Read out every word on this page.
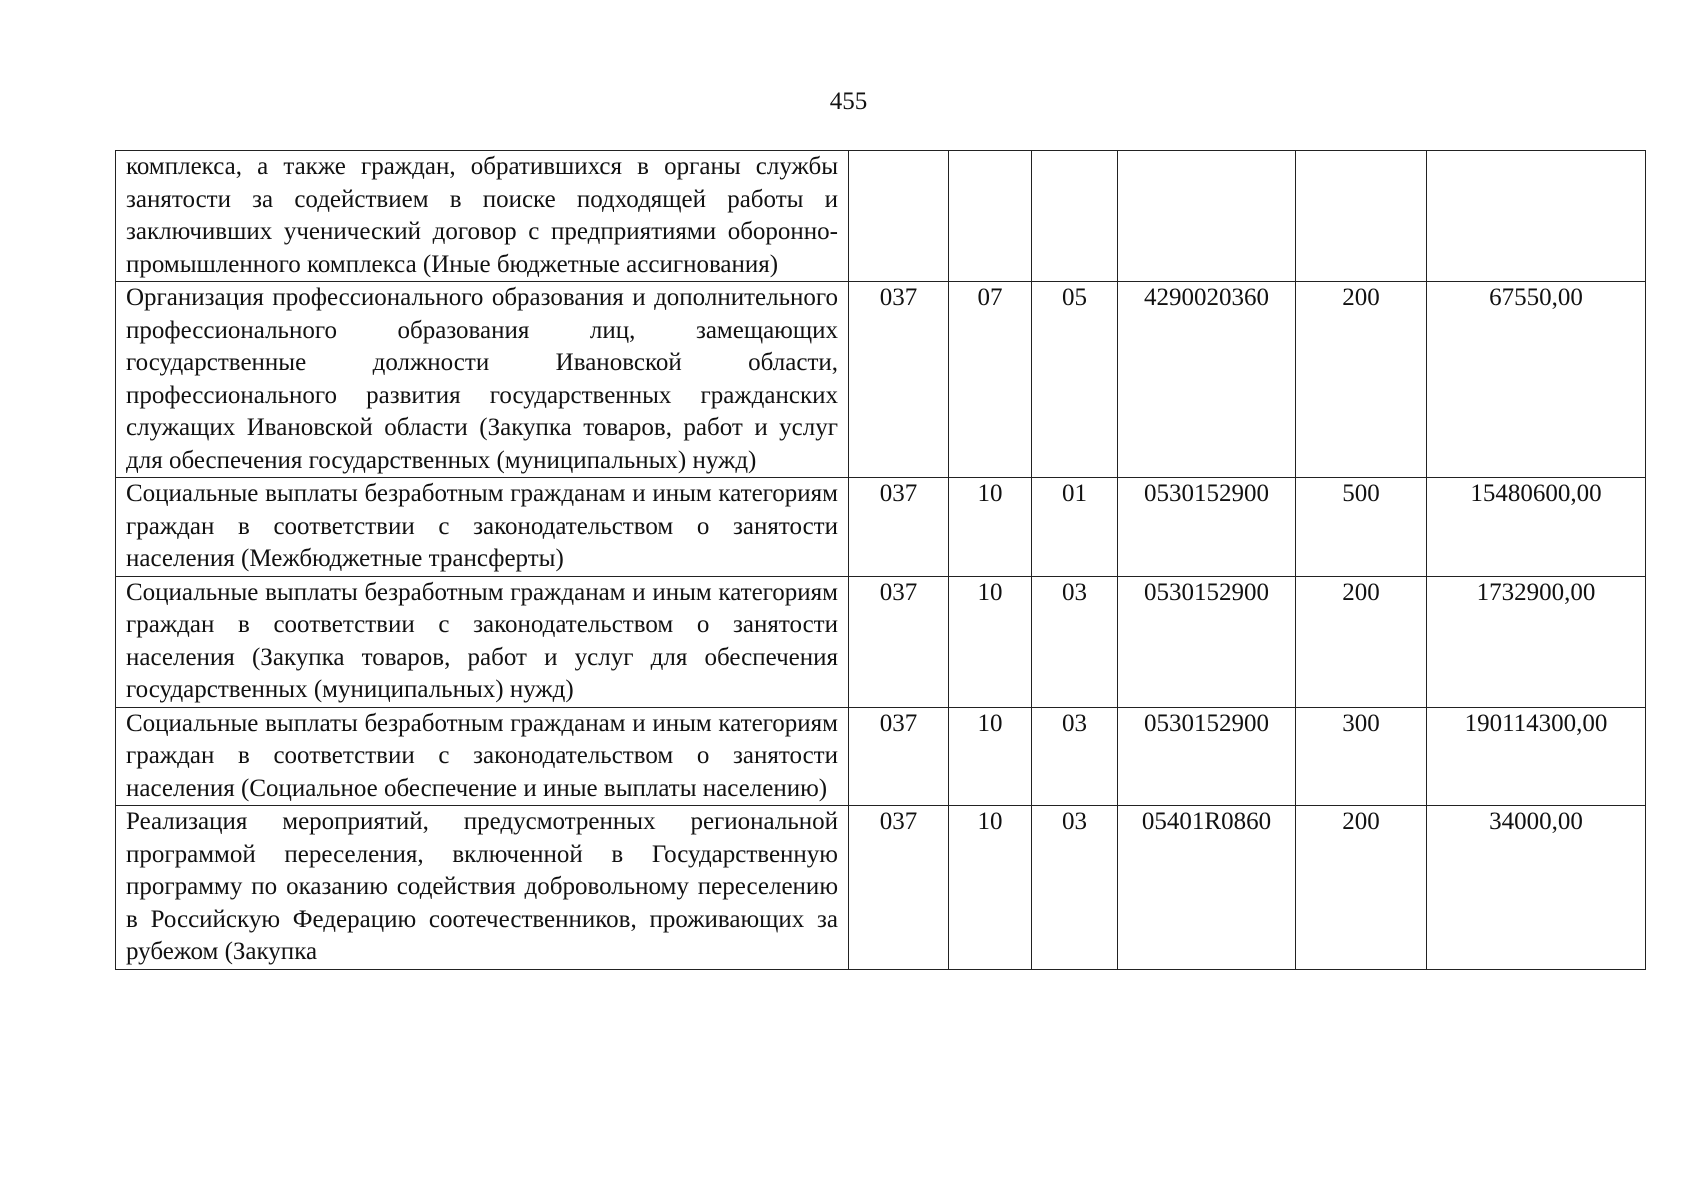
455
комплекса, а также граждан, обратившихся в органы службы занятости за содействием в поиске подходящей работы и заключивших ученический договор с предприятиями оборонно-промышленного комплекса (Иные бюджетные ассигнования)						
Организация профессионального образования и дополнительного профессионального образования лиц, замещающих государственные должности Ивановской области, профессионального развития государственных гражданских служащих Ивановской области (Закупка товаров, работ и услуг для обеспечения государственных (муниципальных) нужд)	037	07	05	4290020360	200	67550,00
Социальные выплаты безработным гражданам и иным категориям граждан в соответствии с законодательством о занятости населения (Межбюджетные трансферты)	037	10	01	0530152900	500	15480600,00
Социальные выплаты безработным гражданам и иным категориям граждан в соответствии с законодательством о занятости населения (Закупка товаров, работ и услуг для обеспечения государственных (муниципальных) нужд)	037	10	03	0530152900	200	1732900,00
Социальные выплаты безработным гражданам и иным категориям граждан в соответствии с законодательством о занятости населения (Социальное обеспечение и иные выплаты населению)	037	10	03	0530152900	300	190114300,00
Реализация мероприятий, предусмотренных региональной программой переселения, включенной в Государственную программу по оказанию содействия добровольному переселению в Российскую Федерацию соотечественников, проживающих за рубежом (Закупка	037	10	03	05401R0860	200	34000,00
